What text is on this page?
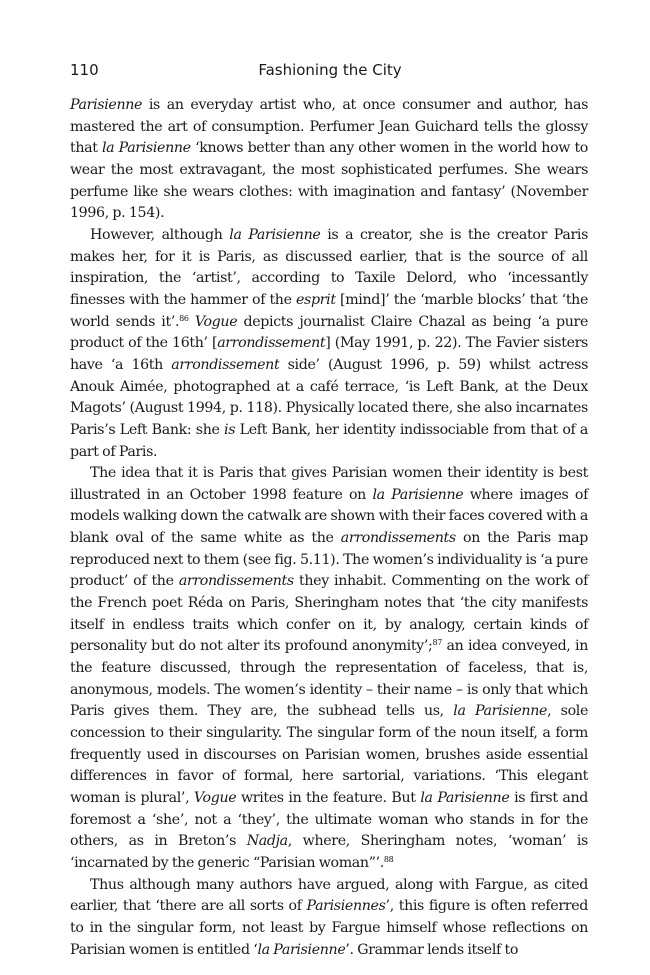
110	Fashioning the City

Parisienne is an everyday artist who, at once consumer and author, has mastered the art of consumption. Perfumer Jean Guichard tells the glossy that la Parisienne ‘knows better than any other women in the world how to wear the most extravagant, the most sophisticated perfumes. She wears perfume like she wears clothes: with imagination and fantasy’ (November 1996, p. 154).

However, although la Parisienne is a creator, she is the creator Paris makes her, for it is Paris, as discussed earlier, that is the source of all inspiration, the ‘artist’, according to Taxile Delord, who ‘incessantly finesses with the hammer of the esprit [mind]’ the ‘marble blocks’ that ‘the world sends it’.$^{86}$ Vogue depicts journalist Claire Chazal as being ‘a pure product of the 16th’ [arrondissement] (May 1991, p. 22). The Favier sisters have ‘a 16th arrondissement side’ (August 1996, p. 59) whilst actress Anouk Aimée, photographed at a café terrace, ‘is Left Bank, at the Deux Magots’ (August 1994, p. 118). Physically located there, she also incarnates Paris’s Left Bank: she is Left Bank, her identity indissociable from that of a part of Paris.

The idea that it is Paris that gives Parisian women their identity is best illustrated in an October 1998 feature on la Parisienne where images of models walking down the catwalk are shown with their faces covered with a blank oval of the same white as the arrondissements on the Paris map reproduced next to them (see fig. 5.11). The women’s individuality is ‘a pure product’ of the arrondissements they inhabit. Commenting on the work of the French poet Réda on Paris, Sheringham notes that ‘the city manifests itself in endless traits which confer on it, by analogy, certain kinds of personality but do not alter its profound anonymity’;$^{87}$ an idea conveyed, in the feature discussed, through the representation of faceless, that is, anonymous, models. The women’s identity – their name – is only that which Paris gives them. They are, the subhead tells us, la Parisienne, sole concession to their singularity. The singular form of the noun itself, a form frequently used in discourses on Parisian women, brushes aside essential differences in favor of formal, here sartorial, variations. ‘This elegant woman is plural’, Vogue writes in the feature. But la Parisienne is first and foremost a ‘she’, not a ‘they’, the ultimate woman who stands in for the others, as in Breton’s Nadja, where, Sheringham notes, ‘woman’ is ‘incarnated by the generic “Parisian woman”’.$^{88}$

Thus although many authors have argued, along with Fargue, as cited earlier, that ‘there are all sorts of Parisiennes’, this figure is often referred to in the singular form, not least by Fargue himself whose reflections on Parisian women is entitled ‘la Parisienne’. Grammar lends itself to
